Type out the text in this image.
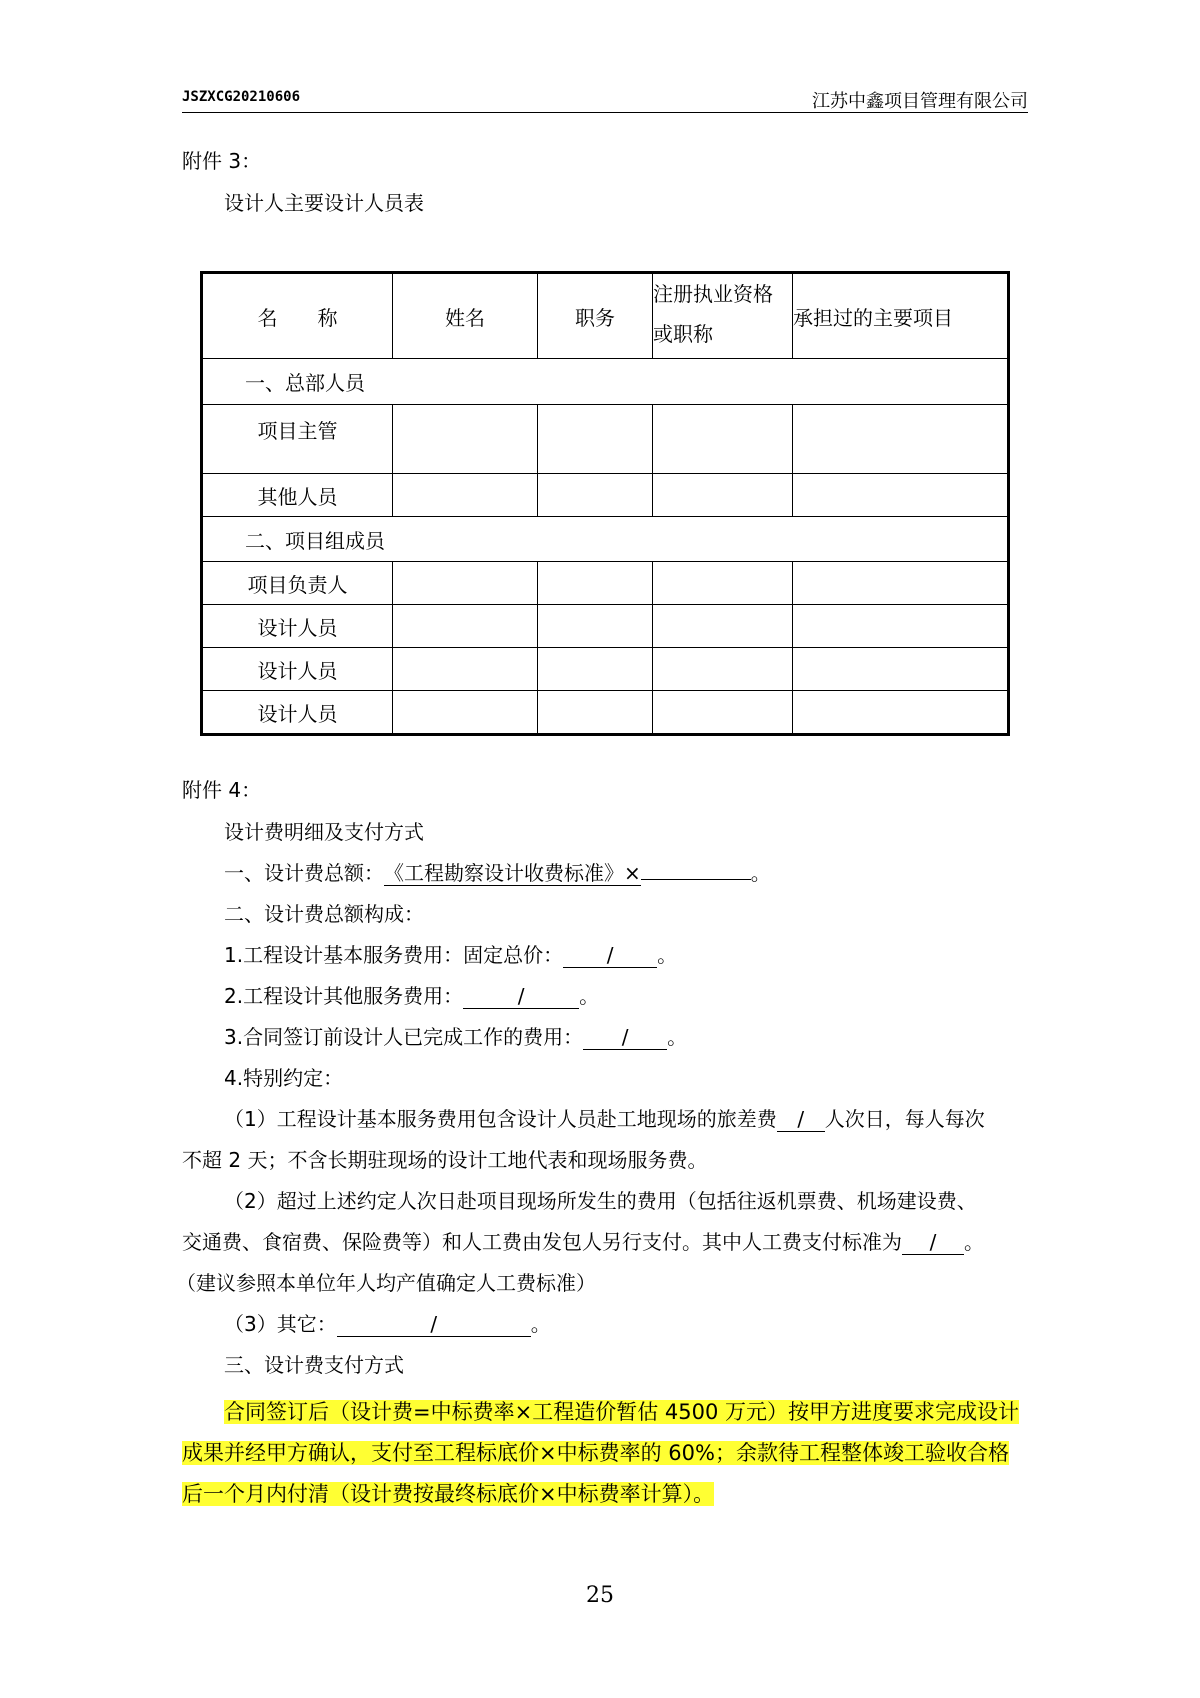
JSZXCG20210606	江苏中鑫项目管理有限公司
附件 3：
设计人主要设计人员表
名　　称	姓名	职务	注册执业资格或职称	承担过的主要项目
一、总部人员				
项目主管				
其他人员				
二、项目组成员				
项目负责人				
设计人员				
设计人员				
设计人员				
附件 4：
设计费明细及支付方式
一、设计费总额：《工程勘察设计收费标准》×	。
二、设计费总额构成：
1.工程设计基本服务费用：固定总价： / 。
2.工程设计其他服务费用：	/	。
3.合同签订前设计人已完成工作的费用： / 。
4.特别约定：
（1）工程设计基本服务费用包含设计人员赴工地现场的旅差费 / 人次日，每人每次
不超 2 天；不含长期驻现场的设计工地代表和现场服务费。
（2）超过上述约定人次日赴项目现场所发生的费用（包括往返机票费、机场建设费、
交通费、食宿费、保险费等）和人工费由发包人另行支付。其中人工费支付标准为 / 。
（建议参照本单位年人均产值确定人工费标准）
（3）其它：	/	。
三、设计费支付方式
合同签订后（设计费=中标费率×工程造价暂估 4500 万元）按甲方进度要求完成设计成果并经甲方确认，支付至工程标底价×中标费率的 60%；余款待工程整体竣工验收合格后一个月内付清（设计费按最终标底价×中标费率计算）。
25
